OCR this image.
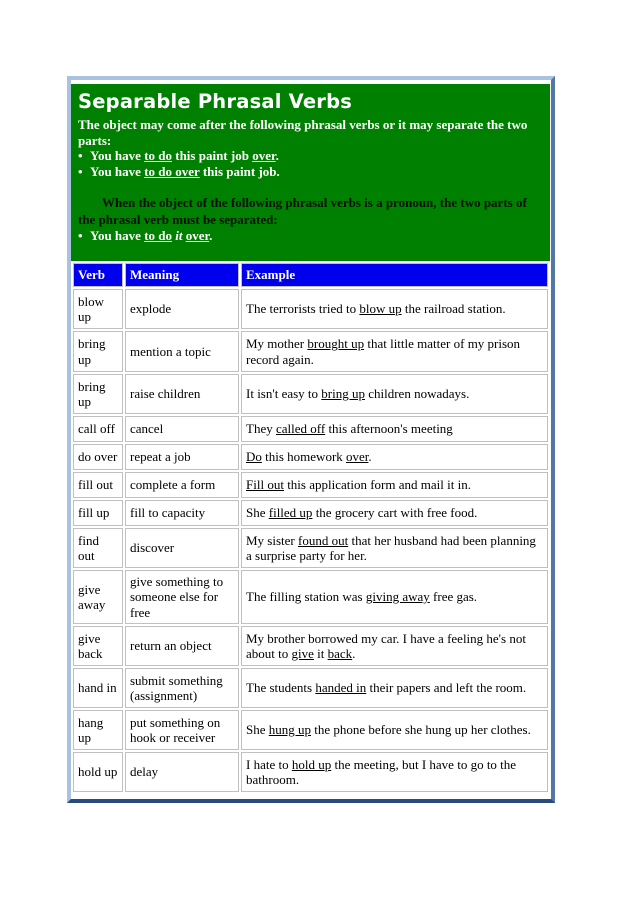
Separable Phrasal Verbs
The object may come after the following phrasal verbs or it may separate the two parts:
• You have to do this paint job over.
• You have to do over this paint job.
When the object of the following phrasal verbs is a pronoun, the two parts of the phrasal verb must be separated:
• You have to do it over.
Verb	Meaning	Example
blow up	explode	The terrorists tried to blow up the railroad station.
bring up	mention a topic	My mother brought up that little matter of my prison record again.
bring up	raise children	It isn't easy to bring up children nowadays.
call off	cancel	They called off this afternoon's meeting
do over	repeat a job	Do this homework over.
fill out	complete a form	Fill out this application form and mail it in.
fill up	fill to capacity	She filled up the grocery cart with free food.
find out	discover	My sister found out that her husband had been planning a surprise party for her.
give away	give something to someone else for free	The filling station was giving away free gas.
give back	return an object	My brother borrowed my car. I have a feeling he's not about to give it back.
hand in	submit something (assignment)	The students handed in their papers and left the room.
hang up	put something on hook or receiver	She hung up the phone before she hung up her clothes.
hold up	delay	I hate to hold up the meeting, but I have to go to the bathroom.
